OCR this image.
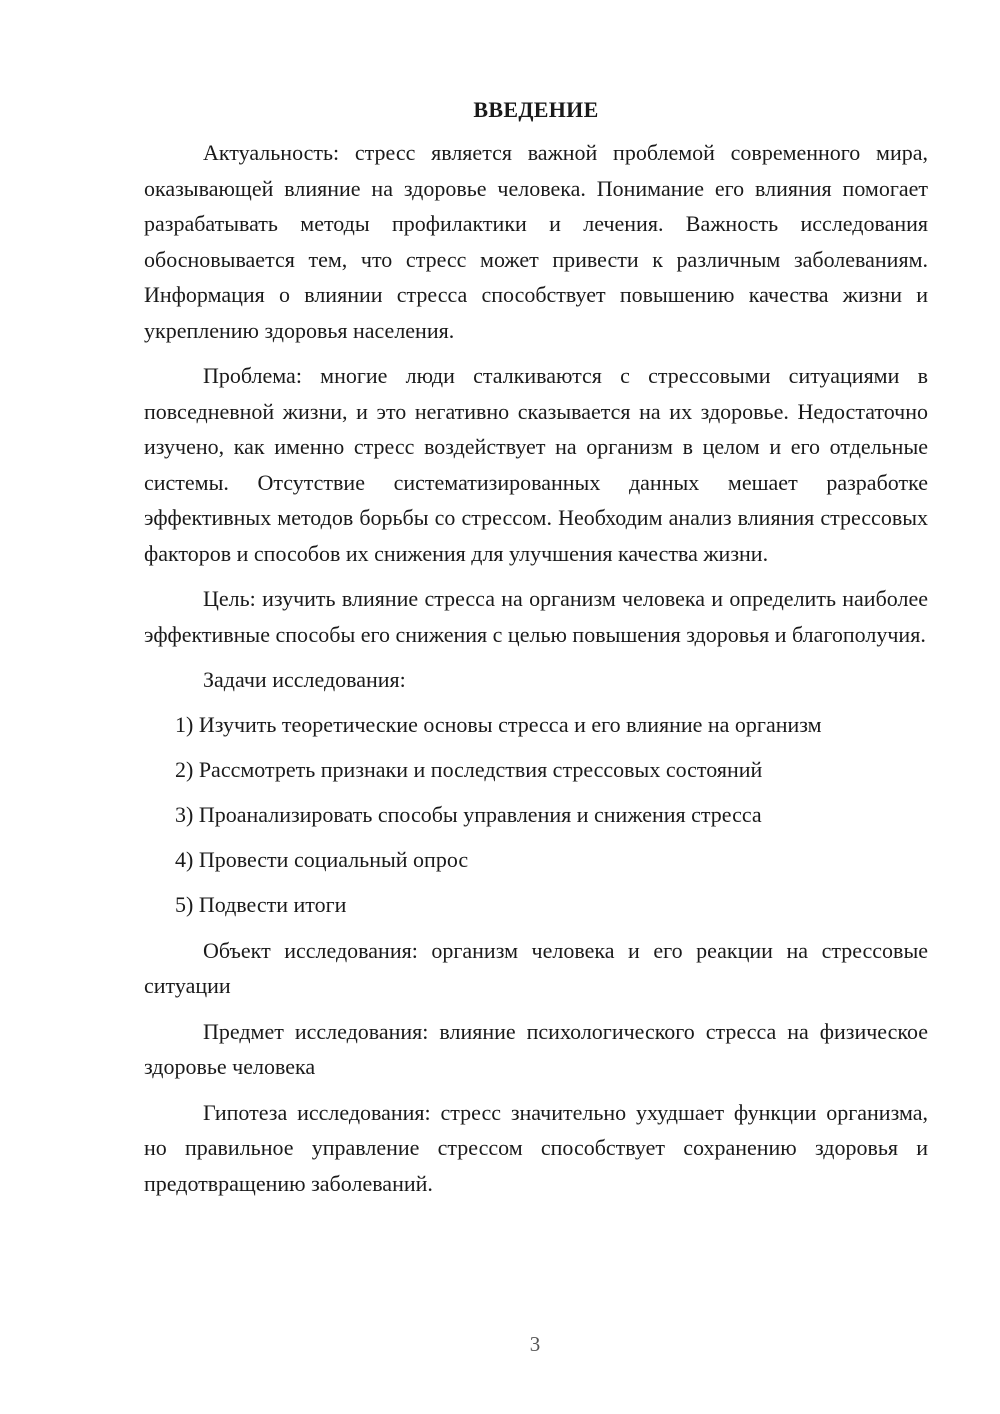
ВВЕДЕНИЕ

Актуальность: стресс является важной проблемой современного мира, оказывающей влияние на здоровье человека. Понимание его влияния помогает разрабатывать методы профилактики и лечения. Важность исследования обосновывается тем, что стресс может привести к различным заболеваниям. Информация о влиянии стресса способствует повышению качества жизни и укреплению здоровья населения.

Проблема: многие люди сталкиваются с стрессовыми ситуациями в повседневной жизни, и это негативно сказывается на их здоровье. Недостаточно изучено, как именно стресс воздействует на организм в целом и его отдельные системы. Отсутствие систематизированных данных мешает разработке эффективных методов борьбы со стрессом. Необходим анализ влияния стрессовых факторов и способов их снижения для улучшения качества жизни.

Цель: изучить влияние стресса на организм человека и определить наиболее эффективные способы его снижения с целью повышения здоровья и благополучия.

Задачи исследования:

1) Изучить теоретические основы стресса и его влияние на организм
2) Рассмотреть признаки и последствия стрессовых состояний
3) Проанализировать способы управления и снижения стресса
4) Провести социальный опрос
5) Подвести итоги

Объект исследования: организм человека и его реакции на стрессовые ситуации

Предмет исследования: влияние психологического стресса на физическое здоровье человека

Гипотеза исследования: стресс значительно ухудшает функции организма, но правильное управление стрессом способствует сохранению здоровья и предотвращению заболеваний.

3
